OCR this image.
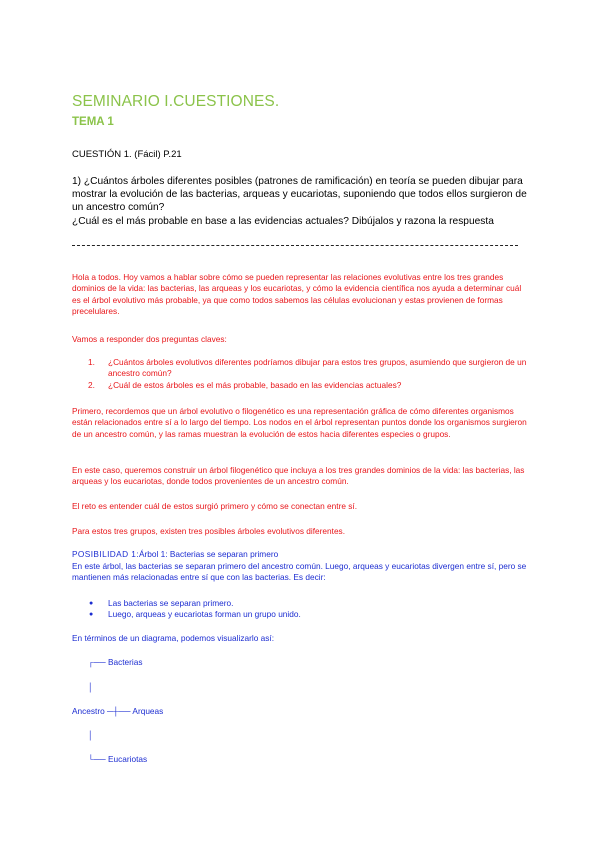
SEMINARIO I.CUESTIONES.
TEMA 1

CUESTIÓN 1. (Fácil) P.21

1) ¿Cuántos árboles diferentes posibles (patrones de ramificación) en teoría se pueden dibujar para mostrar la evolución de las bacterias, arqueas y eucariotas, suponiendo que todos ellos surgieron de un ancestro común?
¿Cuál es el más probable en base a las evidencias actuales? Dibújalos y razona la respuesta

Hola a todos. Hoy vamos a hablar sobre cómo se pueden representar las relaciones evolutivas entre los tres grandes dominios de la vida: las bacterias, las arqueas y los eucariotas, y cómo la evidencia científica nos ayuda a determinar cuál es el árbol evolutivo más probable, ya que como todos sabemos las células evolucionan y estas provienen de formas precelulares.

Vamos a responder dos preguntas claves:

1. ¿Cuántos árboles evolutivos diferentes podríamos dibujar para estos tres grupos, asumiendo que surgieron de un ancestro común?
2. ¿Cuál de estos árboles es el más probable, basado en las evidencias actuales?

Primero, recordemos que un árbol evolutivo o filogenético es una representación gráfica de cómo diferentes organismos están relacionados entre sí a lo largo del tiempo. Los nodos en el árbol representan puntos donde los organismos surgieron de un ancestro común, y las ramas muestran la evolución de estos hacia diferentes especies o grupos.

En este caso, queremos construir un árbol filogenético que incluya a los tres grandes dominios de la vida: las bacterias, las arqueas y los eucariotas, donde todos provenientes de un ancestro común.

El reto es entender cuál de estos surgió primero y cómo se conectan entre sí.

Para estos tres grupos, existen tres posibles árboles evolutivos diferentes.

POSIBILIDAD 1:Árbol 1: Bacterias se separan primero

En este árbol, las bacterias se separan primero del ancestro común. Luego, arqueas y eucariotas divergen entre sí, pero se mantienen más relacionadas entre sí que con las bacterias. Es decir:

● Las bacterias se separan primero.
● Luego, arqueas y eucariotas forman un grupo unido.

En términos de un diagrama, podemos visualizarlo así:

┌── Bacterias
│
Ancestro ─┼── Arqueas
│
└── Eucariotas
